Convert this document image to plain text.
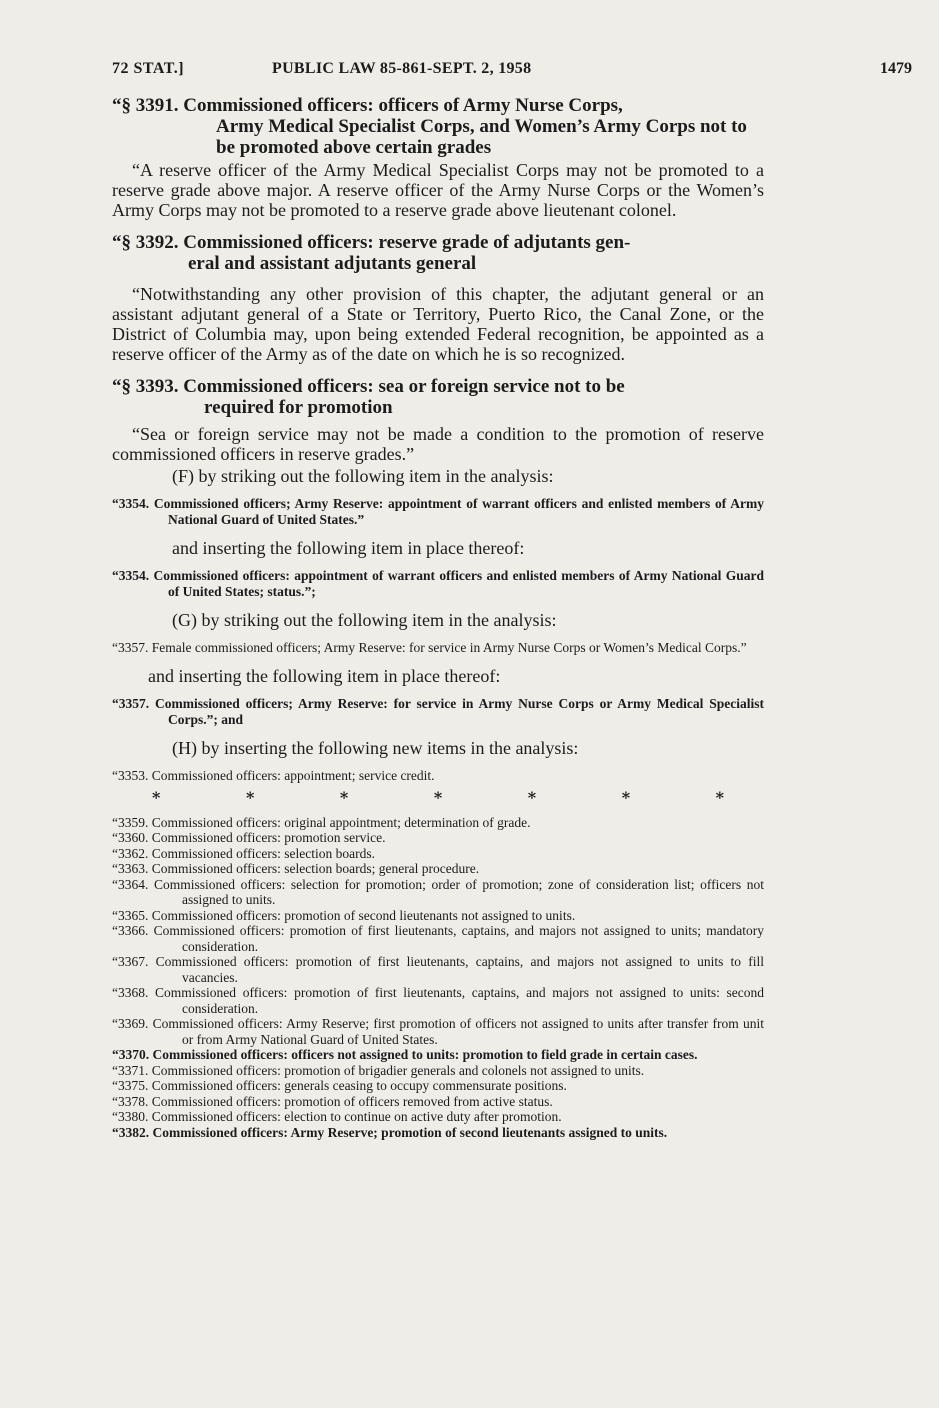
72 STAT.]	PUBLIC LAW 85-861-SEPT. 2, 1958	1479
“§ 3391. Commissioned officers: officers of Army Nurse Corps,
Army Medical Specialist Corps, and Women’s Army Corps not to be promoted above certain grades

“A reserve officer of the Army Medical Specialist Corps may not be promoted to a reserve grade above major. A reserve officer of the Army Nurse Corps or the Women’s Army Corps may not be promoted to a reserve grade above lieutenant colonel.

“§ 3392. Commissioned officers: reserve grade of adjutants gen-
eral and assistant adjutants general

“Notwithstanding any other provision of this chapter, the adjutant general or an assistant adjutant general of a State or Territory, Puerto Rico, the Canal Zone, or the District of Columbia may, upon being extended Federal recognition, be appointed as a reserve officer of the Army as of the date on which he is so recognized.

“§ 3393. Commissioned officers: sea or foreign service not to be
required for promotion

“Sea or foreign service may not be made a condition to the promotion of reserve commissioned officers in reserve grades.”

(F) by striking out the following item in the analysis:
“3354. Commissioned officers; Army Reserve: appointment of warrant officers and enlisted members of Army National Guard of United States.”
and inserting the following item in place thereof:
“3354. Commissioned officers: appointment of warrant officers and enlisted members of Army National Guard of United States; status.”;
(G) by striking out the following item in the analysis:
“3357. Female commissioned officers; Army Reserve: for service in Army Nurse Corps or Women’s Medical Corps.”
and inserting the following item in place thereof:
“3357. Commissioned officers; Army Reserve: for service in Army Nurse Corps or Army Medical Specialist Corps.”; and
(H) by inserting the following new items in the analysis:
“3353. Commissioned officers: appointment; service credit.
*	*	*	*	*	*	*
“3359. Commissioned officers: original appointment; determination of grade.
“3360. Commissioned officers: promotion service.
“3362. Commissioned officers: selection boards.
“3363. Commissioned officers: selection boards; general procedure.
“3364. Commissioned officers: selection for promotion; order of promotion; zone of consideration list; officers not assigned to units.
“3365. Commissioned officers: promotion of second lieutenants not assigned to units.
“3366. Commissioned officers: promotion of first lieutenants, captains, and majors not assigned to units; mandatory consideration.
“3367. Commissioned officers: promotion of first lieutenants, captains, and majors not assigned to units to fill vacancies.
“3368. Commissioned officers: promotion of first lieutenants, captains, and majors not assigned to units: second consideration.
“3369. Commissioned officers: Army Reserve; first promotion of officers not assigned to units after transfer from unit or from Army National Guard of United States.
“3370. Commissioned officers: officers not assigned to units: promotion to field grade in certain cases.
“3371. Commissioned officers: promotion of brigadier generals and colonels not assigned to units.
“3375. Commissioned officers: generals ceasing to occupy commensurate positions.
“3378. Commissioned officers: promotion of officers removed from active status.
“3380. Commissioned officers: election to continue on active duty after promotion.
“3382. Commissioned officers: Army Reserve; promotion of second lieutenants assigned to units.
